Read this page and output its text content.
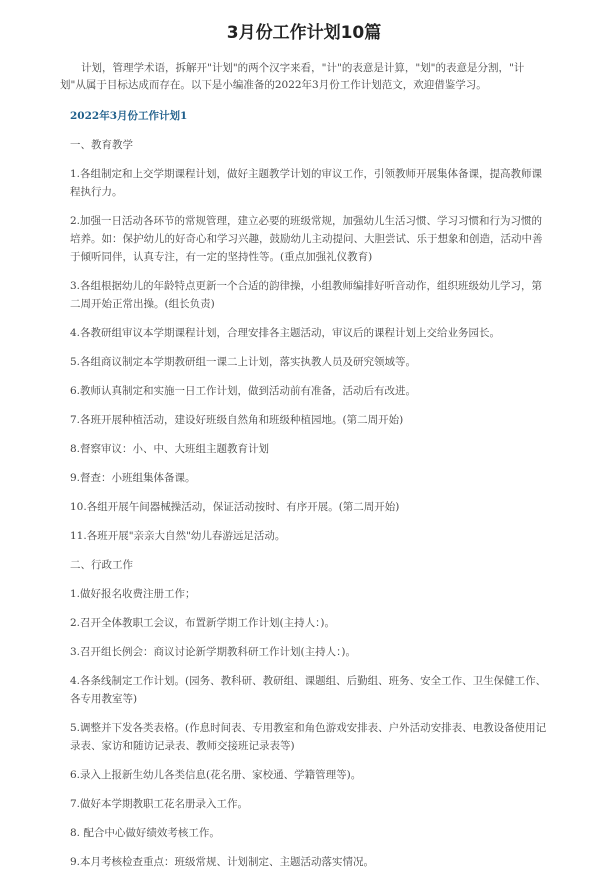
3月份工作计划10篇

计划，管理学术语，拆解开"计划"的两个汉字来看，"计"的表意是计算，"划"的表意是分割，"计划"从属于目标达成而存在。以下是小编准备的2022年3月份工作计划范文，欢迎借鉴学习。

2022年3月份工作计划1

一、教育教学

1.各组制定和上交学期课程计划，做好主题教学计划的审议工作，引领教师开展集体备课，提高教师课程执行力。

2.加强一日活动各环节的常规管理，建立必要的班级常规，加强幼儿生活习惯、学习习惯和行为习惯的培养。如：保护幼儿的好奇心和学习兴趣，鼓励幼儿主动提问、大胆尝试、乐于想象和创造，活动中善于倾听同伴，认真专注，有一定的坚持性等。(重点加强礼仪教育)

3.各组根据幼儿的年龄特点更新一个合适的韵律操，小组教师编排好听音动作，组织班级幼儿学习，第二周开始正常出操。(组长负责)

4.各教研组审议本学期课程计划，合理安排各主题活动，审议后的课程计划上交给业务园长。

5.各组商议制定本学期教研组一课二上计划，落实执教人员及研究领域等。

6.教师认真制定和实施一日工作计划，做到活动前有准备，活动后有改进。

7.各班开展种植活动，建设好班级自然角和班级种植园地。(第二周开始)

8.督察审议：小、中、大班组主题教育计划

9.督查：小班组集体备课。

10.各组开展午间器械操活动，保证活动按时、有序开展。(第二周开始)

11.各班开展"亲亲大自然"幼儿春游远足活动。

二、行政工作

1.做好报名收费注册工作；

2.召开全体教职工会议，布置新学期工作计划(主持人：)。

3.召开组长例会：商议讨论新学期教科研工作计划(主持人：)。

4.各条线制定工作计划。(园务、教科研、教研组、课题组、后勤组、班务、安全工作、卫生保健工作、各专用教室等)

5.调整并下发各类表格。(作息时间表、专用教室和角色游戏安排表、户外活动安排表、电教设备使用记录表、家访和随访记录表、教师交接班记录表等)

6.录入上报新生幼儿各类信息(花名册、家校通、学籍管理等)。

7.做好本学期教职工花名册录入工作。

8. 配合中心做好绩效考核工作。

9.本月考核检查重点：班级常规、计划制定、主题活动落实情况。
